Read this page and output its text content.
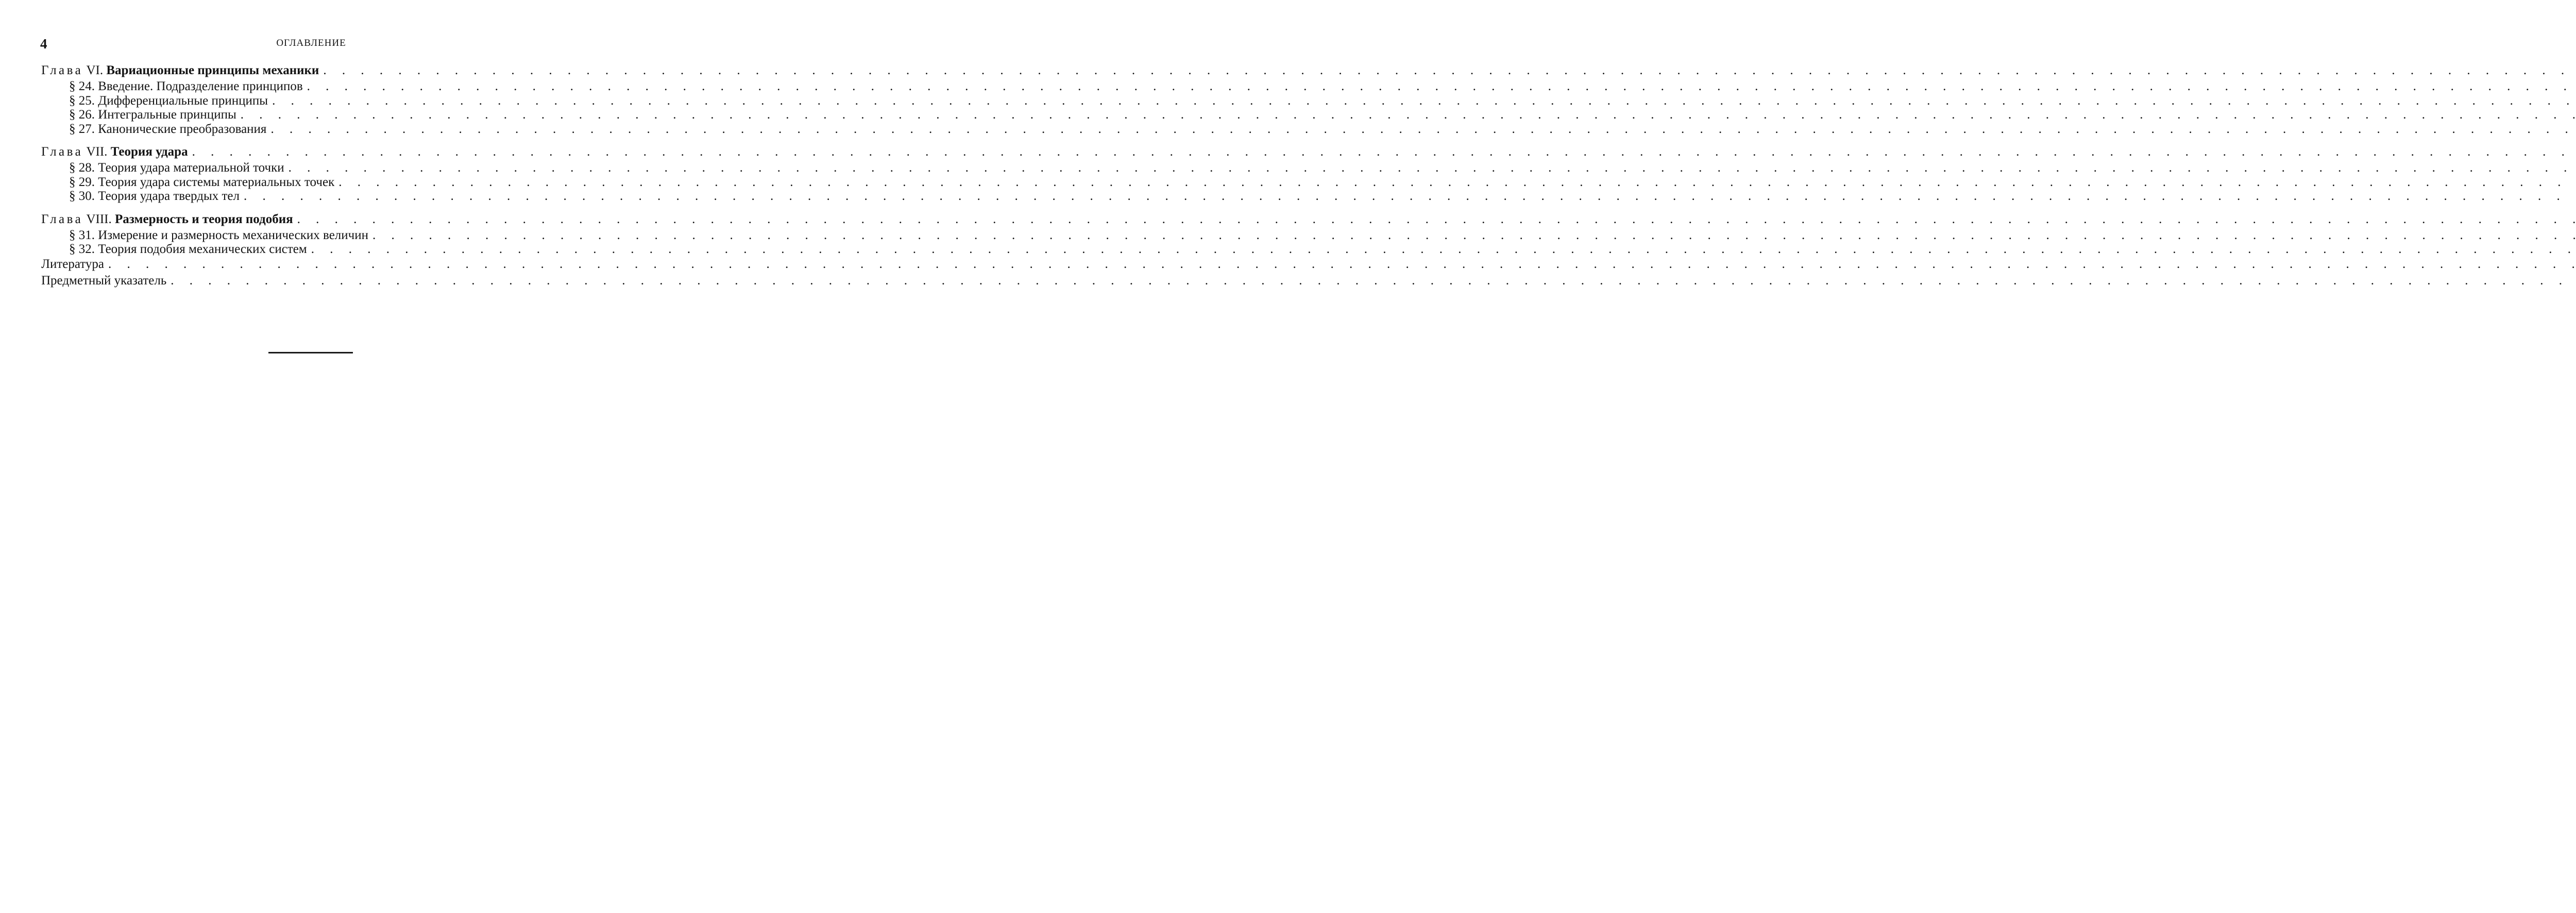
4	ОГЛАВЛЕНИЕ
Глава VI. Вариационные принципы механики
. . .
§ 24. Введение. Подразделение принципов
. . .
§ 25. Дифференциальные принципы
. . .
§ 26. Интегральные принципы
. . .
§ 27. Канонические преобразования
. . .
Глава VII. Теория удара
. . .
§ 28. Теория удара материальной точки
. . .
§ 29. Теория удара системы материальных точек
. . .
§ 30. Теория удара твердых тел
. . .
Глава VIII. Размерность и теория подобия
. . .
§ 31. Измерение и размерность механических величин
. . .
§ 32. Теория подобия механических систем
. . .
Литература
. . .
Предметный указатель
. . .
